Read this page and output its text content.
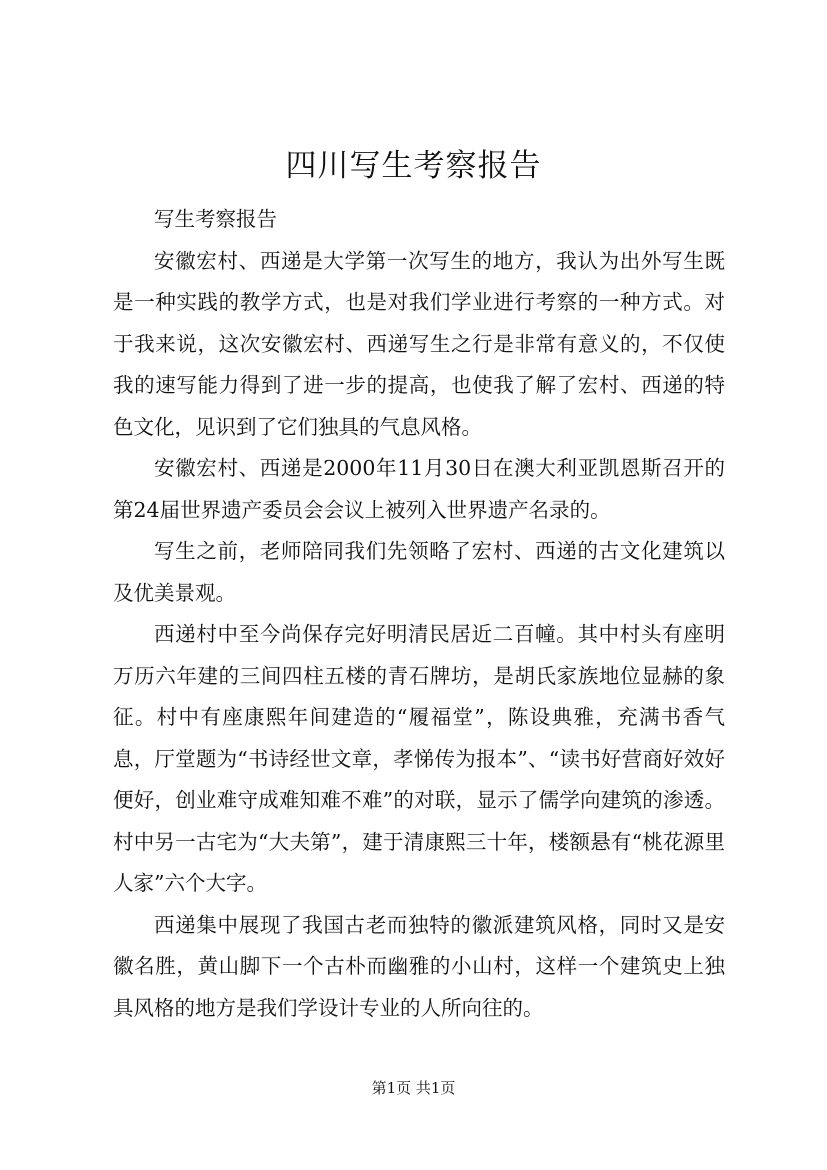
四川写生考察报告

写生考察报告

安徽宏村、西递是大学第一次写生的地方，我认为出外写生既是一种实践的教学方式，也是对我们学业进行考察的一种方式。对于我来说，这次安徽宏村、西递写生之行是非常有意义的，不仅使我的速写能力得到了进一步的提高，也使我了解了宏村、西递的特色文化，见识到了它们独具的气息风格。

安徽宏村、西递是2000年11月30日在澳大利亚凯恩斯召开的第24届世界遗产委员会会议上被列入世界遗产名录的。

写生之前，老师陪同我们先领略了宏村、西递的古文化建筑以及优美景观。

西递村中至今尚保存完好明清民居近二百幢。其中村头有座明万历六年建的三间四柱五楼的青石牌坊，是胡氏家族地位显赫的象征。村中有座康熙年间建造的“履福堂”，陈设典雅，充满书香气息，厅堂题为“书诗经世文章，孝悌传为报本”、“读书好营商好效好便好，创业难守成难知难不难”的对联，显示了儒学向建筑的渗透。村中另一古宅为“大夫第”，建于清康熙三十年，楼额悬有“桃花源里人家”六个大字。

西递集中展现了我国古老而独特的徽派建筑风格，同时又是安徽名胜，黄山脚下一个古朴而幽雅的小山村，这样一个建筑史上独具风格的地方是我们学设计专业的人所向往的。

第1页 共1页
